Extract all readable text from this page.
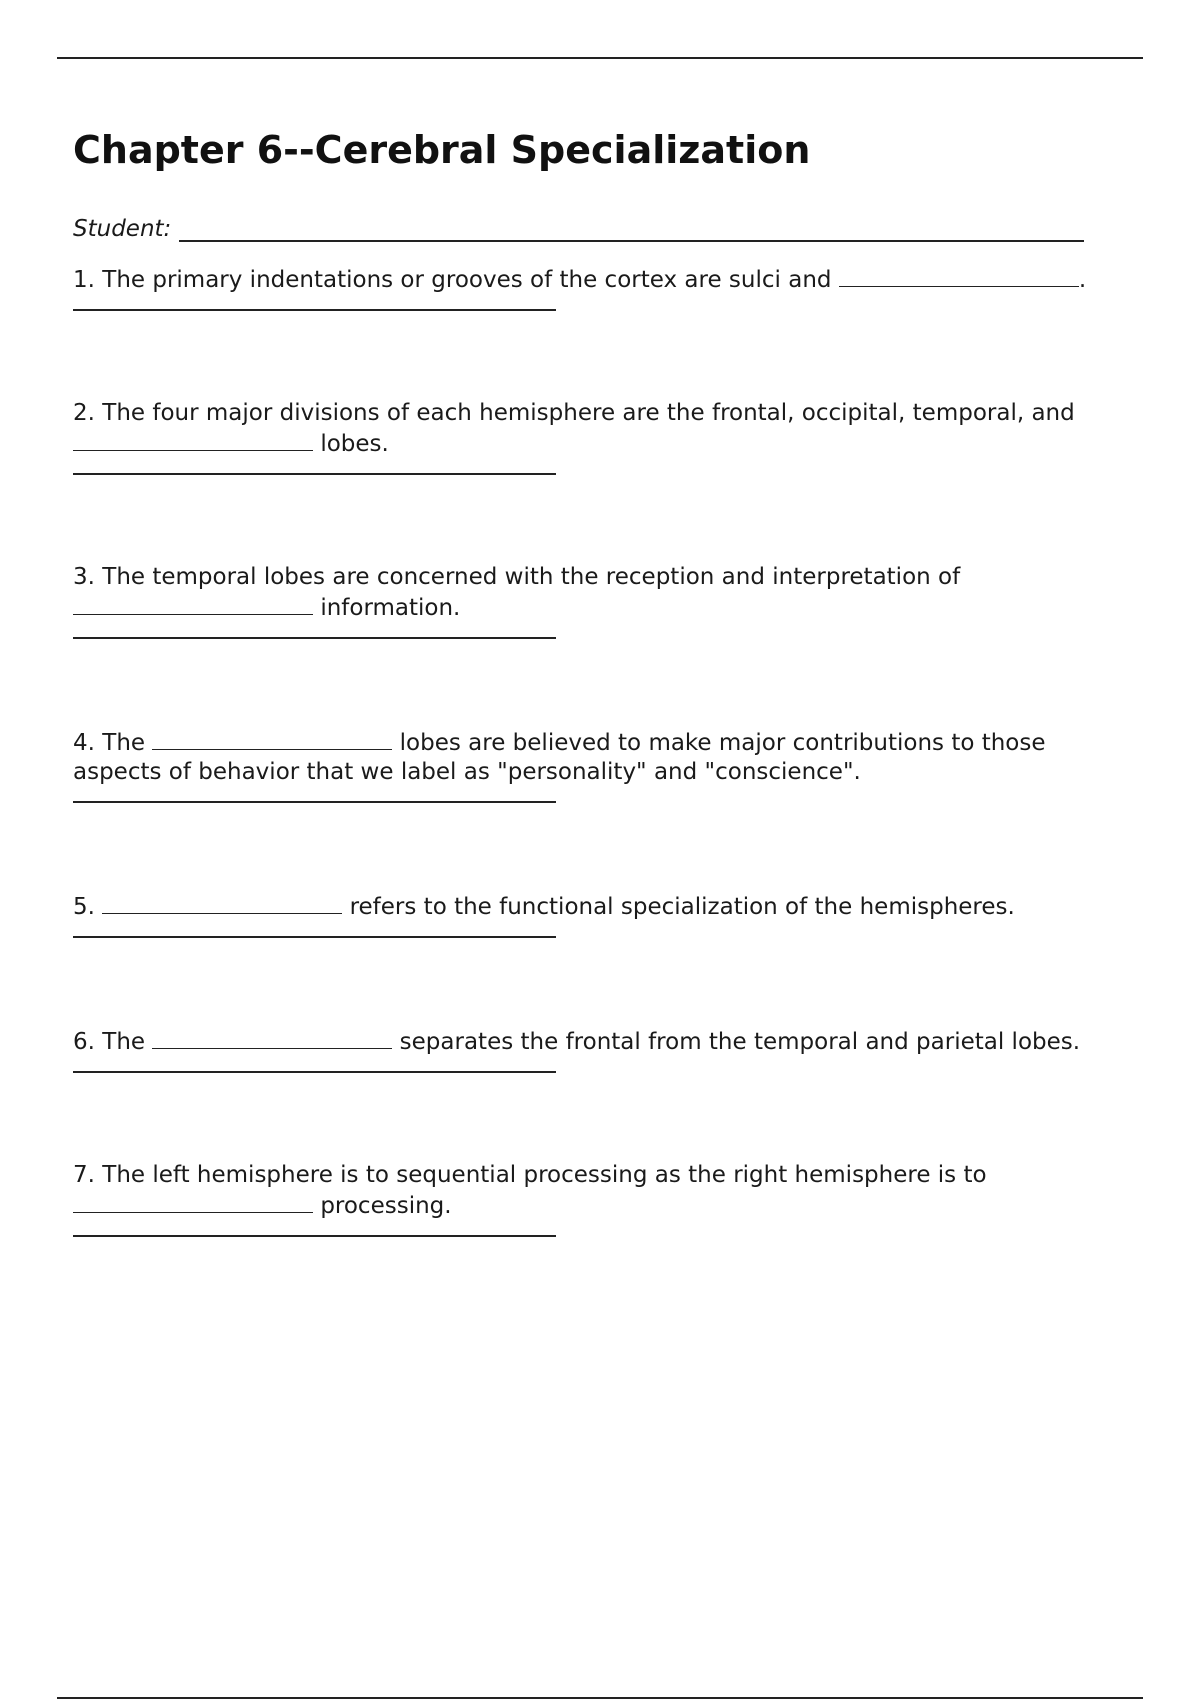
Chapter 6--Cerebral Specialization
Student:

1. The primary indentations or grooves of the cortex are sulci and	.

2. The four major divisions of each hemisphere are the frontal, occipital, temporal, and
lobes.

3. The temporal lobes are concerned with the reception and interpretation of
information.

4. The	lobes are believed to make major contributions to those aspects of behavior that we label as "personality" and "conscience".

5.	refers to the functional specialization of the hemispheres.

6. The	separates the frontal from the temporal and parietal lobes.

7. The left hemisphere is to sequential processing as the right hemisphere is to
processing.
